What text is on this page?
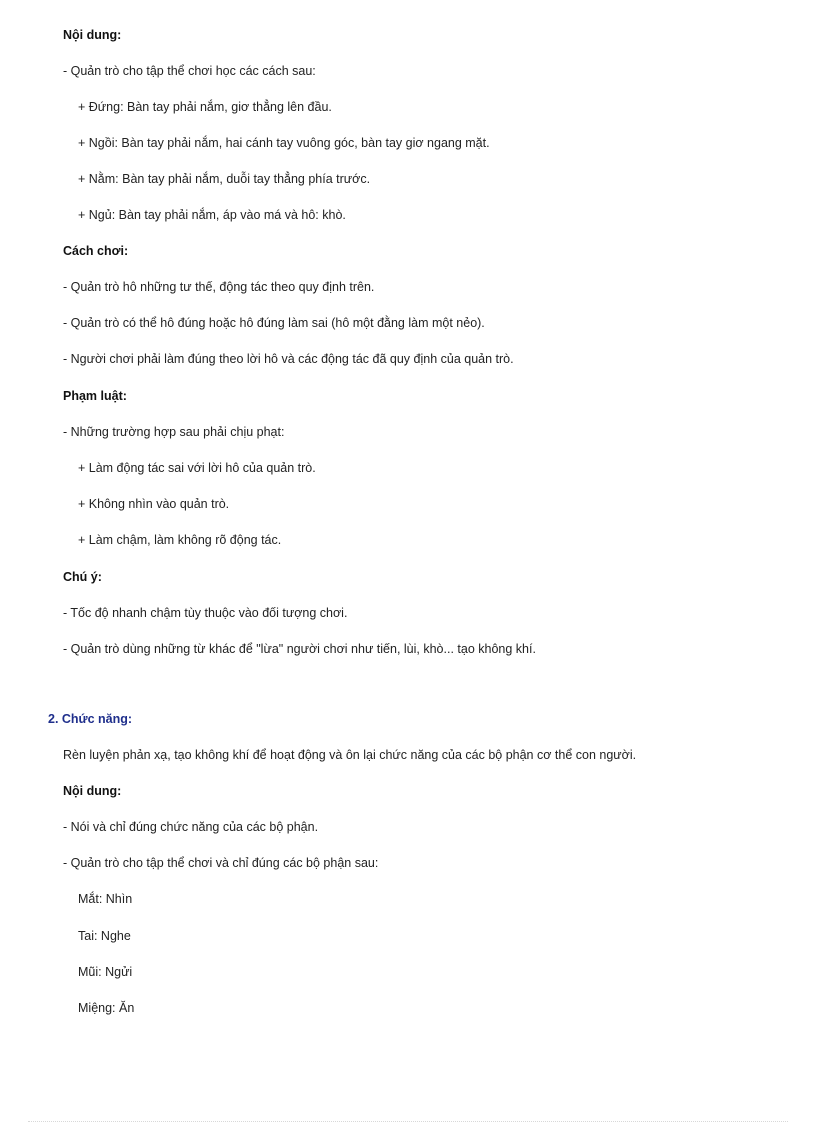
Nội dung:
- Quản trò cho tập thể chơi học các cách sau:
+ Đứng: Bàn tay phải nắm, giơ thẳng lên đầu.
+ Ngồi: Bàn tay phải nắm, hai cánh tay vuông góc, bàn tay giơ ngang mặt.
+ Nằm: Bàn tay phải nắm, duỗi tay thẳng phía trước.
+ Ngủ: Bàn tay phải nắm, áp vào má và hô: khò.
Cách chơi:
- Quản trò hô những tư thế, động tác theo quy định trên.
- Quản trò có thể hô đúng hoặc hô đúng làm sai (hô một đằng làm một nẻo).
- Người chơi phải làm đúng theo lời hô và các động tác đã quy định của quản trò.
Phạm luật:
- Những trường hợp sau phải chịu phạt:
+ Làm động tác sai với lời hô của quản trò.
+ Không nhìn vào quản trò.
+ Làm chậm, làm không rõ động tác.
Chú ý:
- Tốc độ nhanh chậm tùy thuộc vào đối tượng chơi.
- Quản trò dùng những từ khác để "lừa" người chơi như tiến, lùi, khò... tạo không khí.
2. Chức năng:
Rèn luyện phản xạ, tạo không khí để hoạt động và ôn lại chức năng của các bộ phận cơ thể con người.
Nội dung:
- Nói và chỉ đúng chức năng của các bộ phận.
- Quản trò cho tập thể chơi và chỉ đúng các bộ phận sau:
Mắt: Nhìn
Tai: Nghe
Mũi: Ngửi
Miệng: Ăn
